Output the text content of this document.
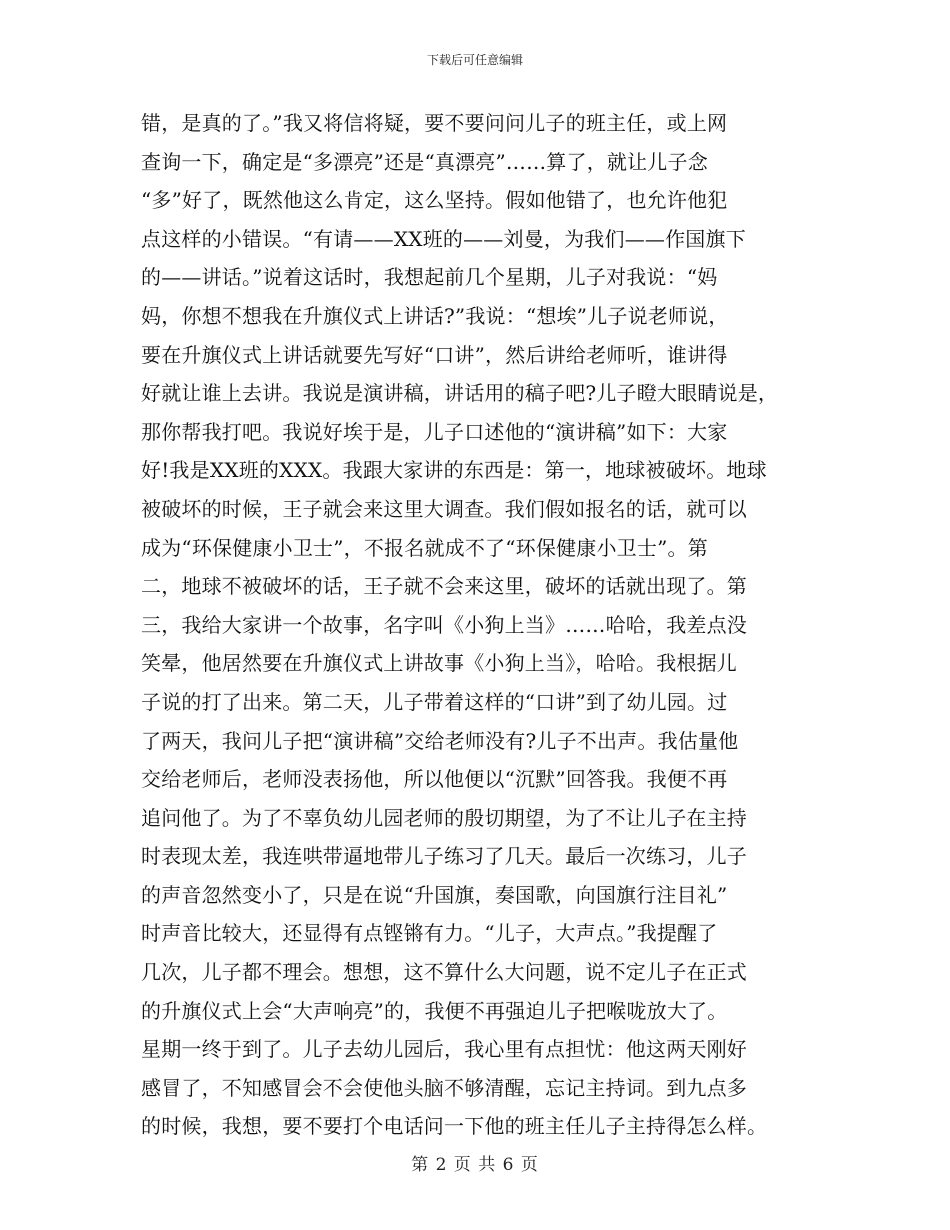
下载后可任意编辑
错，是真的了。”我又将信将疑，要不要问问儿子的班主任，或上网
查询一下，确定是“多漂亮”还是“真漂亮”……算了，就让儿子念
“多”好了，既然他这么肯定，这么坚持。假如他错了，也允许他犯
点这样的小错误。“有请——XX班的——刘曼，为我们——作国旗下
的——讲话。”说着这话时，我想起前几个星期，儿子对我说：“妈
妈，你想不想我在升旗仪式上讲话?”我说：“想埃”儿子说老师说，
要在升旗仪式上讲话就要先写好“口讲”，然后讲给老师听，谁讲得
好就让谁上去讲。我说是演讲稿，讲话用的稿子吧?儿子瞪大眼睛说是，
那你帮我打吧。我说好埃于是，儿子口述他的“演讲稿”如下：大家
好!我是XX班的XXX。我跟大家讲的东西是：第一，地球被破坏。地球
被破坏的时候，王子就会来这里大调查。我们假如报名的话，就可以
成为“环保健康小卫士”，不报名就成不了“环保健康小卫士”。第
二，地球不被破坏的话，王子就不会来这里，破坏的话就出现了。第
三，我给大家讲一个故事，名字叫《小狗上当》……哈哈，我差点没
笑晕，他居然要在升旗仪式上讲故事《小狗上当》，哈哈。我根据儿
子说的打了出来。第二天，儿子带着这样的“口讲”到了幼儿园。过
了两天，我问儿子把“演讲稿”交给老师没有?儿子不出声。我估量他
交给老师后，老师没表扬他，所以他便以“沉默”回答我。我便不再
追问他了。为了不辜负幼儿园老师的殷切期望，为了不让儿子在主持
时表现太差，我连哄带逼地带儿子练习了几天。最后一次练习，儿子
的声音忽然变小了，只是在说“升国旗，奏国歌，向国旗行注目礼”
时声音比较大，还显得有点铿锵有力。“儿子，大声点。”我提醒了
几次，儿子都不理会。想想，这不算什么大问题，说不定儿子在正式
的升旗仪式上会“大声响亮”的，我便不再强迫儿子把喉咙放大了。
星期一终于到了。儿子去幼儿园后，我心里有点担忧：他这两天刚好
感冒了，不知感冒会不会使他头脑不够清醒，忘记主持词。到九点多
的时候，我想，要不要打个电话问一下他的班主任儿子主持得怎么样。
第 2 页 共 6 页
